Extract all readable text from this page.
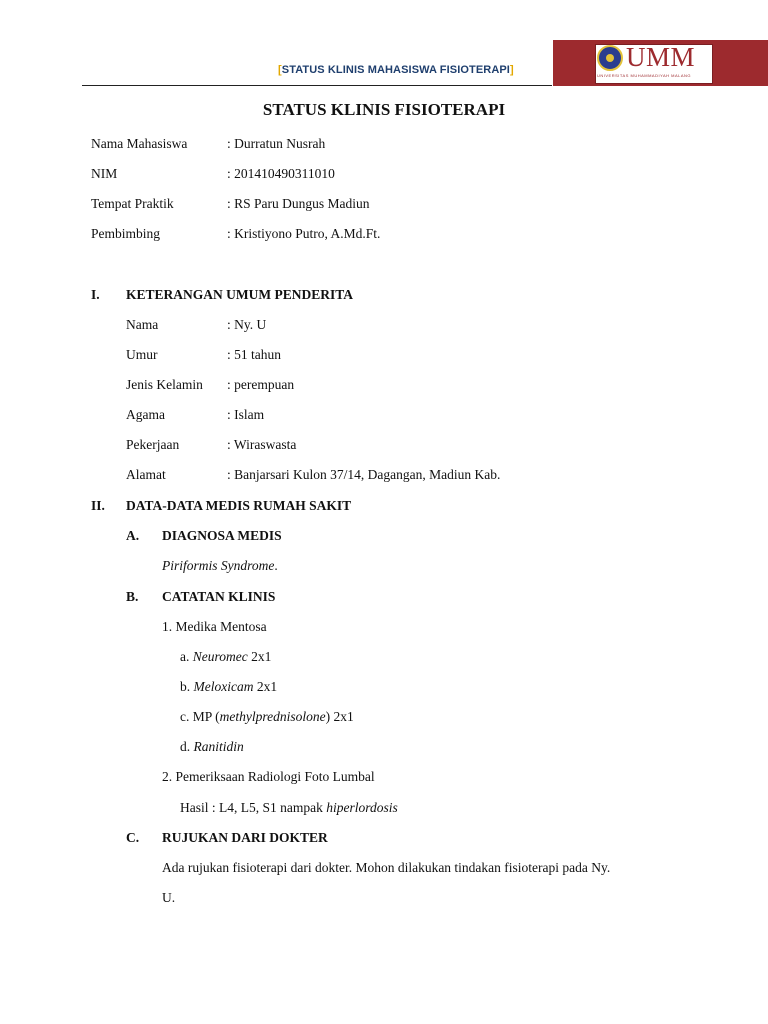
[STATUS KLINIS MAHASISWA FISIOTERAPI]	UMM
UNIVERSITAS MUHAMMADIYAH MALANG
STATUS KLINIS FISIOTERAPI
Nama Mahasiswa	: Durratun Nusrah
NIM	: 201410490311010
Tempat Praktik	: RS Paru Dungus Madiun
Pembimbing	: Kristiyono Putro, A.Md.Ft.
I. KETERANGAN UMUM PENDERITA
Nama	: Ny. U
Umur	: 51 tahun
Jenis Kelamin : perempuan
Agama	: Islam
Pekerjaan	: Wiraswasta
Alamat	: Banjarsari Kulon 37/14, Dagangan, Madiun Kab.
II. DATA-DATA MEDIS RUMAH SAKIT
A. DIAGNOSA MEDIS
Piriformis Syndrome.
B. CATATAN KLINIS
1. Medika Mentosa
a. Neuromec 2x1
b. Meloxicam 2x1
c. MP (methylprednisolone) 2x1
d. Ranitidin
2. Pemeriksaan Radiologi Foto Lumbal
Hasil : L4, L5, S1 nampak hiperlordosis
C. RUJUKAN DARI DOKTER
Ada rujukan fisioterapi dari dokter. Mohon dilakukan tindakan fisioterapi pada Ny.
U.
